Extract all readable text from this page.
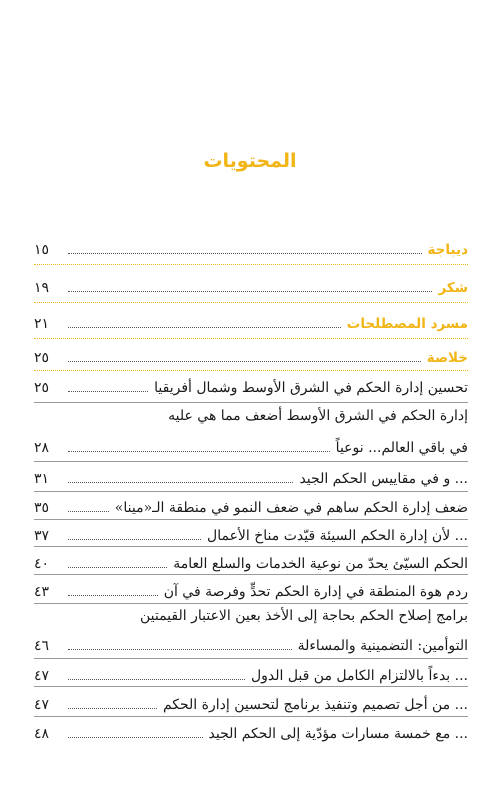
المحتويات
ديباجة
١٥
شكر
١٩
مسرد المصطلحات
٢١
خلاصة
٢٥
تحسين إدارة الحكم في الشرق الأوسط وشمال أفريقيا
٢٥
إدارة الحكم في الشرق الأوسط أضعف مما هي عليه
في باقي العالم... نوعياً
٢٨
... و في مقاييس الحكم الجيد
٣١
ضعف إدارة الحكم ساهم في ضعف النمو في منطقة الـ«مينا»
٣٥
... لأن إدارة الحكم السيئة قيّدت مناخ الأعمال
٣٧
الحكم السيّئ يحدّ من نوعية الخدمات والسلع العامة
٤٠
ردم هوة المنطقة في إدارة الحكم تحدٍّ وفرصة في آن
٤٣
برامج إصلاح الحكم بحاجة إلى الأخذ بعين الاعتبار القيمتين
التوأمين: التضمينية والمساءلة
٤٦
... بدءاً بالالتزام الكامل من قبل الدول
٤٧
... من أجل تصميم وتنفيذ برنامج لتحسين إدارة الحكم
٤٧
... مع خمسة مسارات مؤدّية إلى الحكم الجيد
٤٨
